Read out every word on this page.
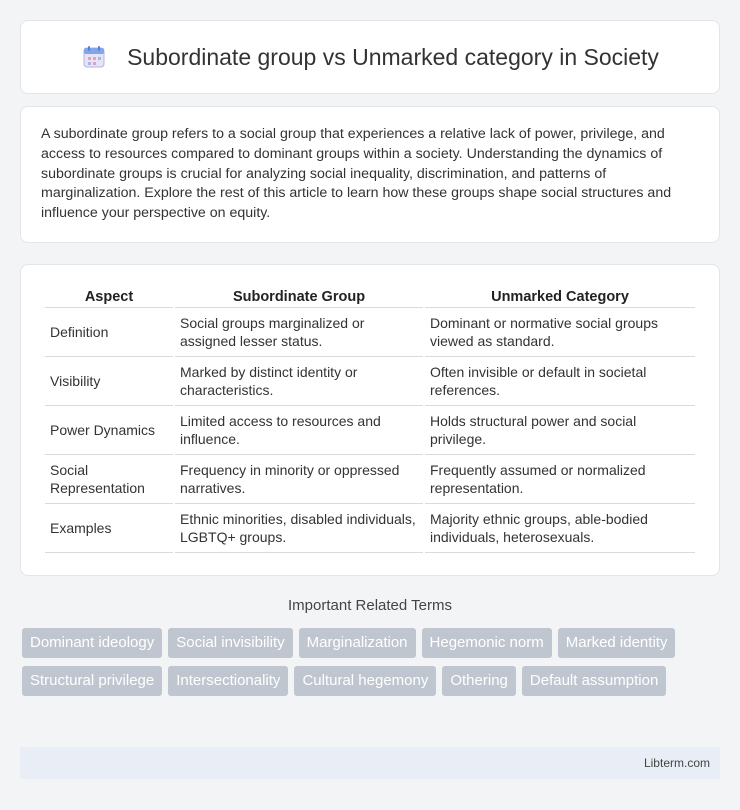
Subordinate group vs Unmarked category in Society

A subordinate group refers to a social group that experiences a relative lack of power, privilege, and access to resources compared to dominant groups within a society. Understanding the dynamics of subordinate groups is crucial for analyzing social inequality, discrimination, and patterns of marginalization. Explore the rest of this article to learn how these groups shape social structures and influence your perspective on equity.

Aspect	Subordinate Group	Unmarked Category
Definition	Social groups marginalized or assigned lesser status.	Dominant or normative social groups viewed as standard.
Visibility	Marked by distinct identity or characteristics.	Often invisible or default in societal references.
Power Dynamics	Limited access to resources and influence.	Holds structural power and social privilege.
Social Representation	Frequency in minority or oppressed narratives.	Frequently assumed or normalized representation.
Examples	Ethnic minorities, disabled individuals, LGBTQ+ groups.	Majority ethnic groups, able-bodied individuals, heterosexuals.
Important Related Terms
Dominant ideology	Social invisibility	Marginalization	Hegemonic norm	Marked identity
Structural privilege	Intersectionality	Cultural hegemony	Othering	Default assumption
Libterm.com
